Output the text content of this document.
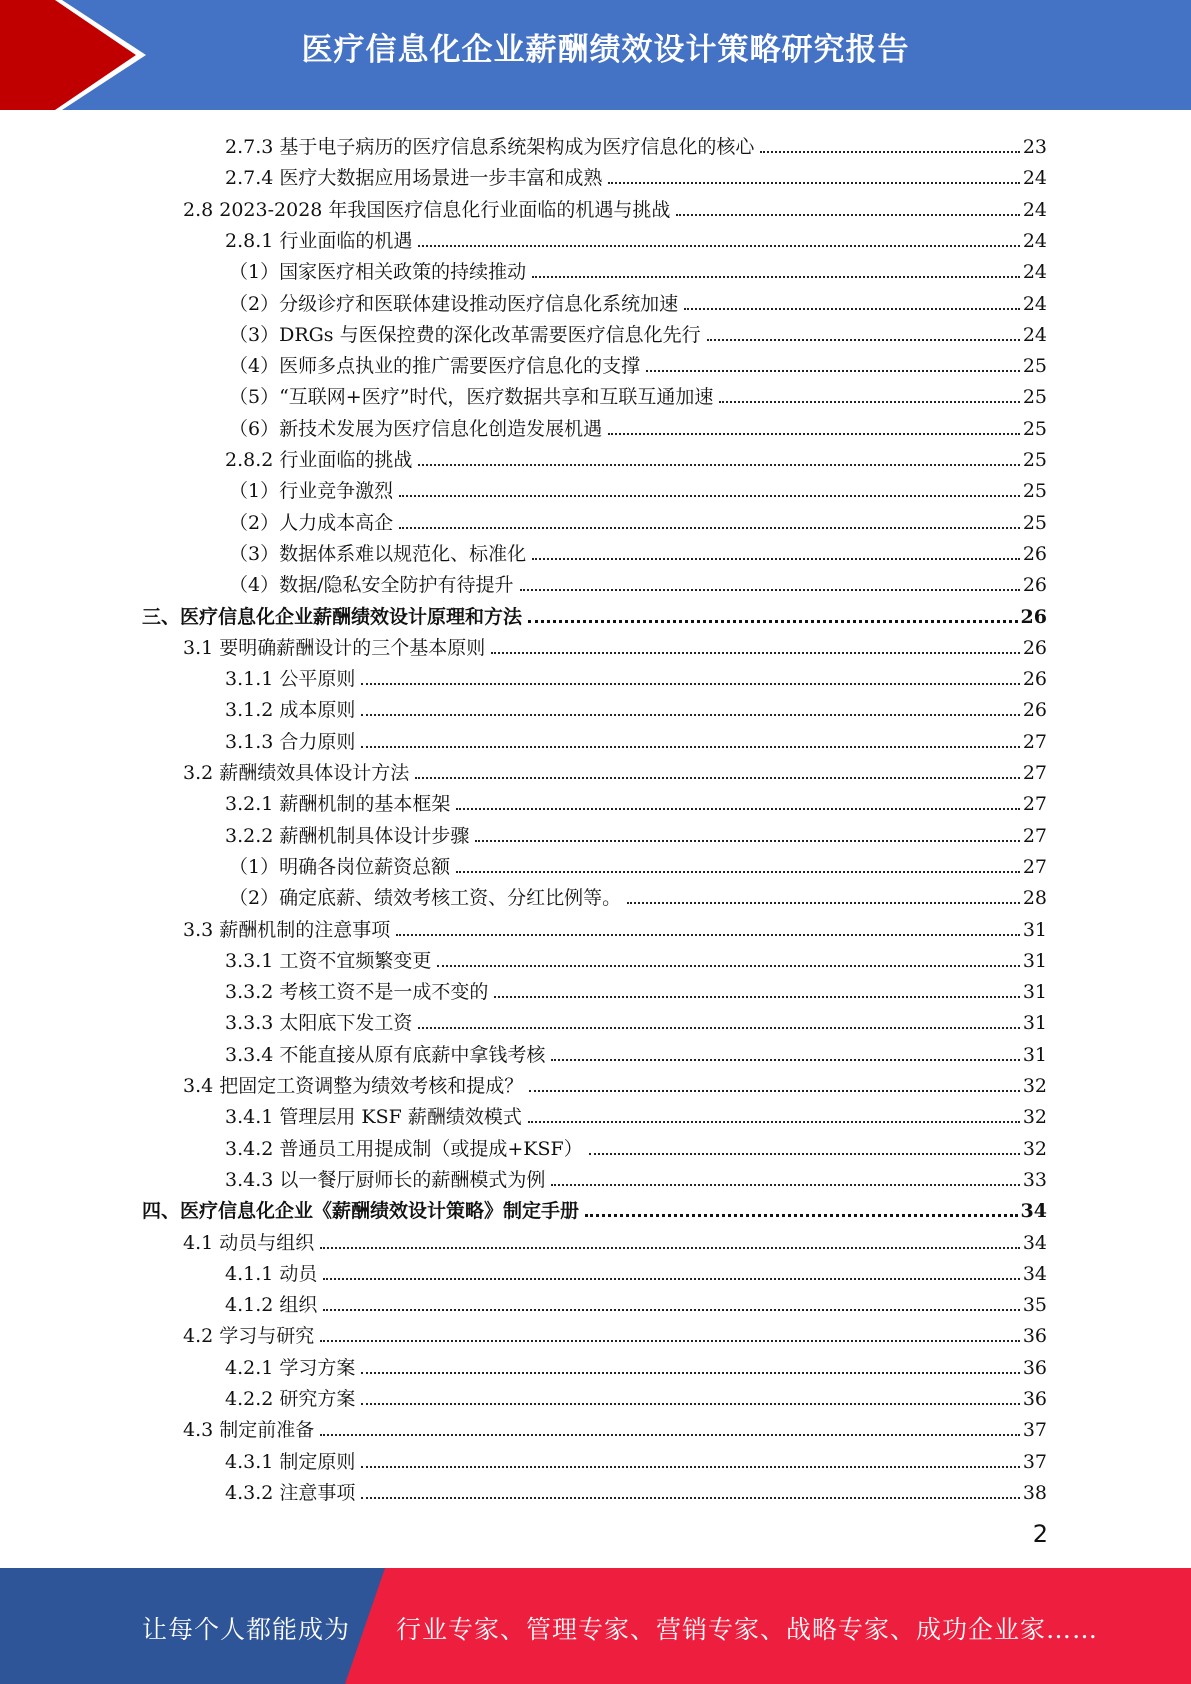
医疗信息化企业薪酬绩效设计策略研究报告
2.7.3 基于电子病历的医疗信息系统架构成为医疗信息化的核心	23
2.7.4 医疗大数据应用场景进一步丰富和成熟	24
2.8 2023-2028 年我国医疗信息化行业面临的机遇与挑战	24
2.8.1 行业面临的机遇	24
（1）国家医疗相关政策的持续推动	24
（2）分级诊疗和医联体建设推动医疗信息化系统加速	24
（3）DRGs 与医保控费的深化改革需要医疗信息化先行	24
（4）医师多点执业的推广需要医疗信息化的支撑	25
（5）“互联网+医疗”时代，医疗数据共享和互联互通加速	25
（6）新技术发展为医疗信息化创造发展机遇	25
2.8.2 行业面临的挑战	25
（1）行业竞争激烈	25
（2）人力成本高企	25
（3）数据体系难以规范化、标准化	26
（4）数据/隐私安全防护有待提升	26
三、医疗信息化企业薪酬绩效设计原理和方法	26
3.1 要明确薪酬设计的三个基本原则	26
3.1.1 公平原则	26
3.1.2 成本原则	26
3.1.3 合力原则	27
3.2 薪酬绩效具体设计方法	27
3.2.1 薪酬机制的基本框架	27
3.2.2 薪酬机制具体设计步骤	27
（1）明确各岗位薪资总额	27
（2）确定底薪、绩效考核工资、分红比例等。	28
3.3 薪酬机制的注意事项	31
3.3.1 工资不宜频繁变更	31
3.3.2 考核工资不是一成不变的	31
3.3.3 太阳底下发工资	31
3.3.4 不能直接从原有底薪中拿钱考核	31
3.4 把固定工资调整为绩效考核和提成？	32
3.4.1 管理层用 KSF 薪酬绩效模式	32
3.4.2 普通员工用提成制（或提成+KSF）	32
3.4.3 以一餐厅厨师长的薪酬模式为例	33
四、医疗信息化企业《薪酬绩效设计策略》制定手册	34
4.1 动员与组织	34
4.1.1 动员	34
4.1.2 组织	35
4.2 学习与研究	36
4.2.1 学习方案	36
4.2.2 研究方案	36
4.3 制定前准备	37
4.3.1 制定原则	37
4.3.2 注意事项	38
2
让每个人都能成为 行业专家、管理专家、营销专家、战略专家、成功企业家……
